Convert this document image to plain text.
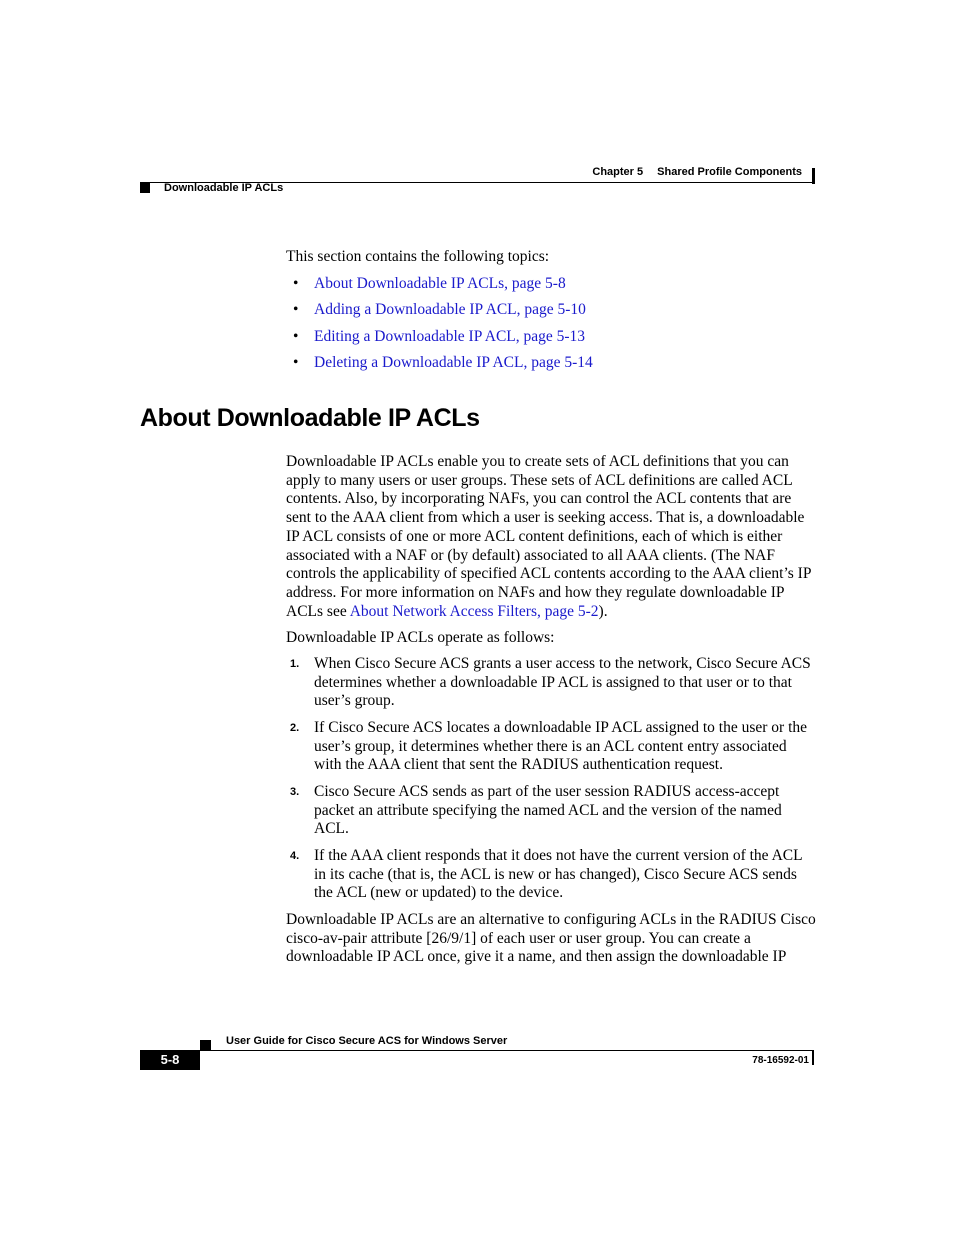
Chapter 5 Shared Profile Components
Downloadable IP ACLs

This section contains the following topics:

• About Downloadable IP ACLs, page 5-8
• Adding a Downloadable IP ACL, page 5-10
• Editing a Downloadable IP ACL, page 5-13
• Deleting a Downloadable IP ACL, page 5-14
About Downloadable IP ACLs

Downloadable IP ACLs enable you to create sets of ACL definitions that you can apply to many users or user groups. These sets of ACL definitions are called ACL contents. Also, by incorporating NAFs, you can control the ACL contents that are sent to the AAA client from which a user is seeking access. That is, a downloadable IP ACL consists of one or more ACL content definitions, each of which is either associated with a NAF or (by default) associated to all AAA clients. (The NAF controls the applicability of specified ACL contents according to the AAA client’s IP address. For more information on NAFs and how they regulate downloadable IP ACLs see About Network Access Filters, page 5-2).

Downloadable IP ACLs operate as follows:

1. When Cisco Secure ACS grants a user access to the network, Cisco Secure ACS determines whether a downloadable IP ACL is assigned to that user or to that user’s group.
2. If Cisco Secure ACS locates a downloadable IP ACL assigned to the user or the user’s group, it determines whether there is an ACL content entry associated with the AAA client that sent the RADIUS authentication request.
3. Cisco Secure ACS sends as part of the user session RADIUS access-accept packet an attribute specifying the named ACL and the version of the named ACL.
4. If the AAA client responds that it does not have the current version of the ACL in its cache (that is, the ACL is new or has changed), Cisco Secure ACS sends the ACL (new or updated) to the device.

Downloadable IP ACLs are an alternative to configuring ACLs in the RADIUS Cisco cisco-av-pair attribute [26/9/1] of each user or user group. You can create a downloadable IP ACL once, give it a name, and then assign the downloadable IP

User Guide for Cisco Secure ACS for Windows Server
5-8	78-16592-01
